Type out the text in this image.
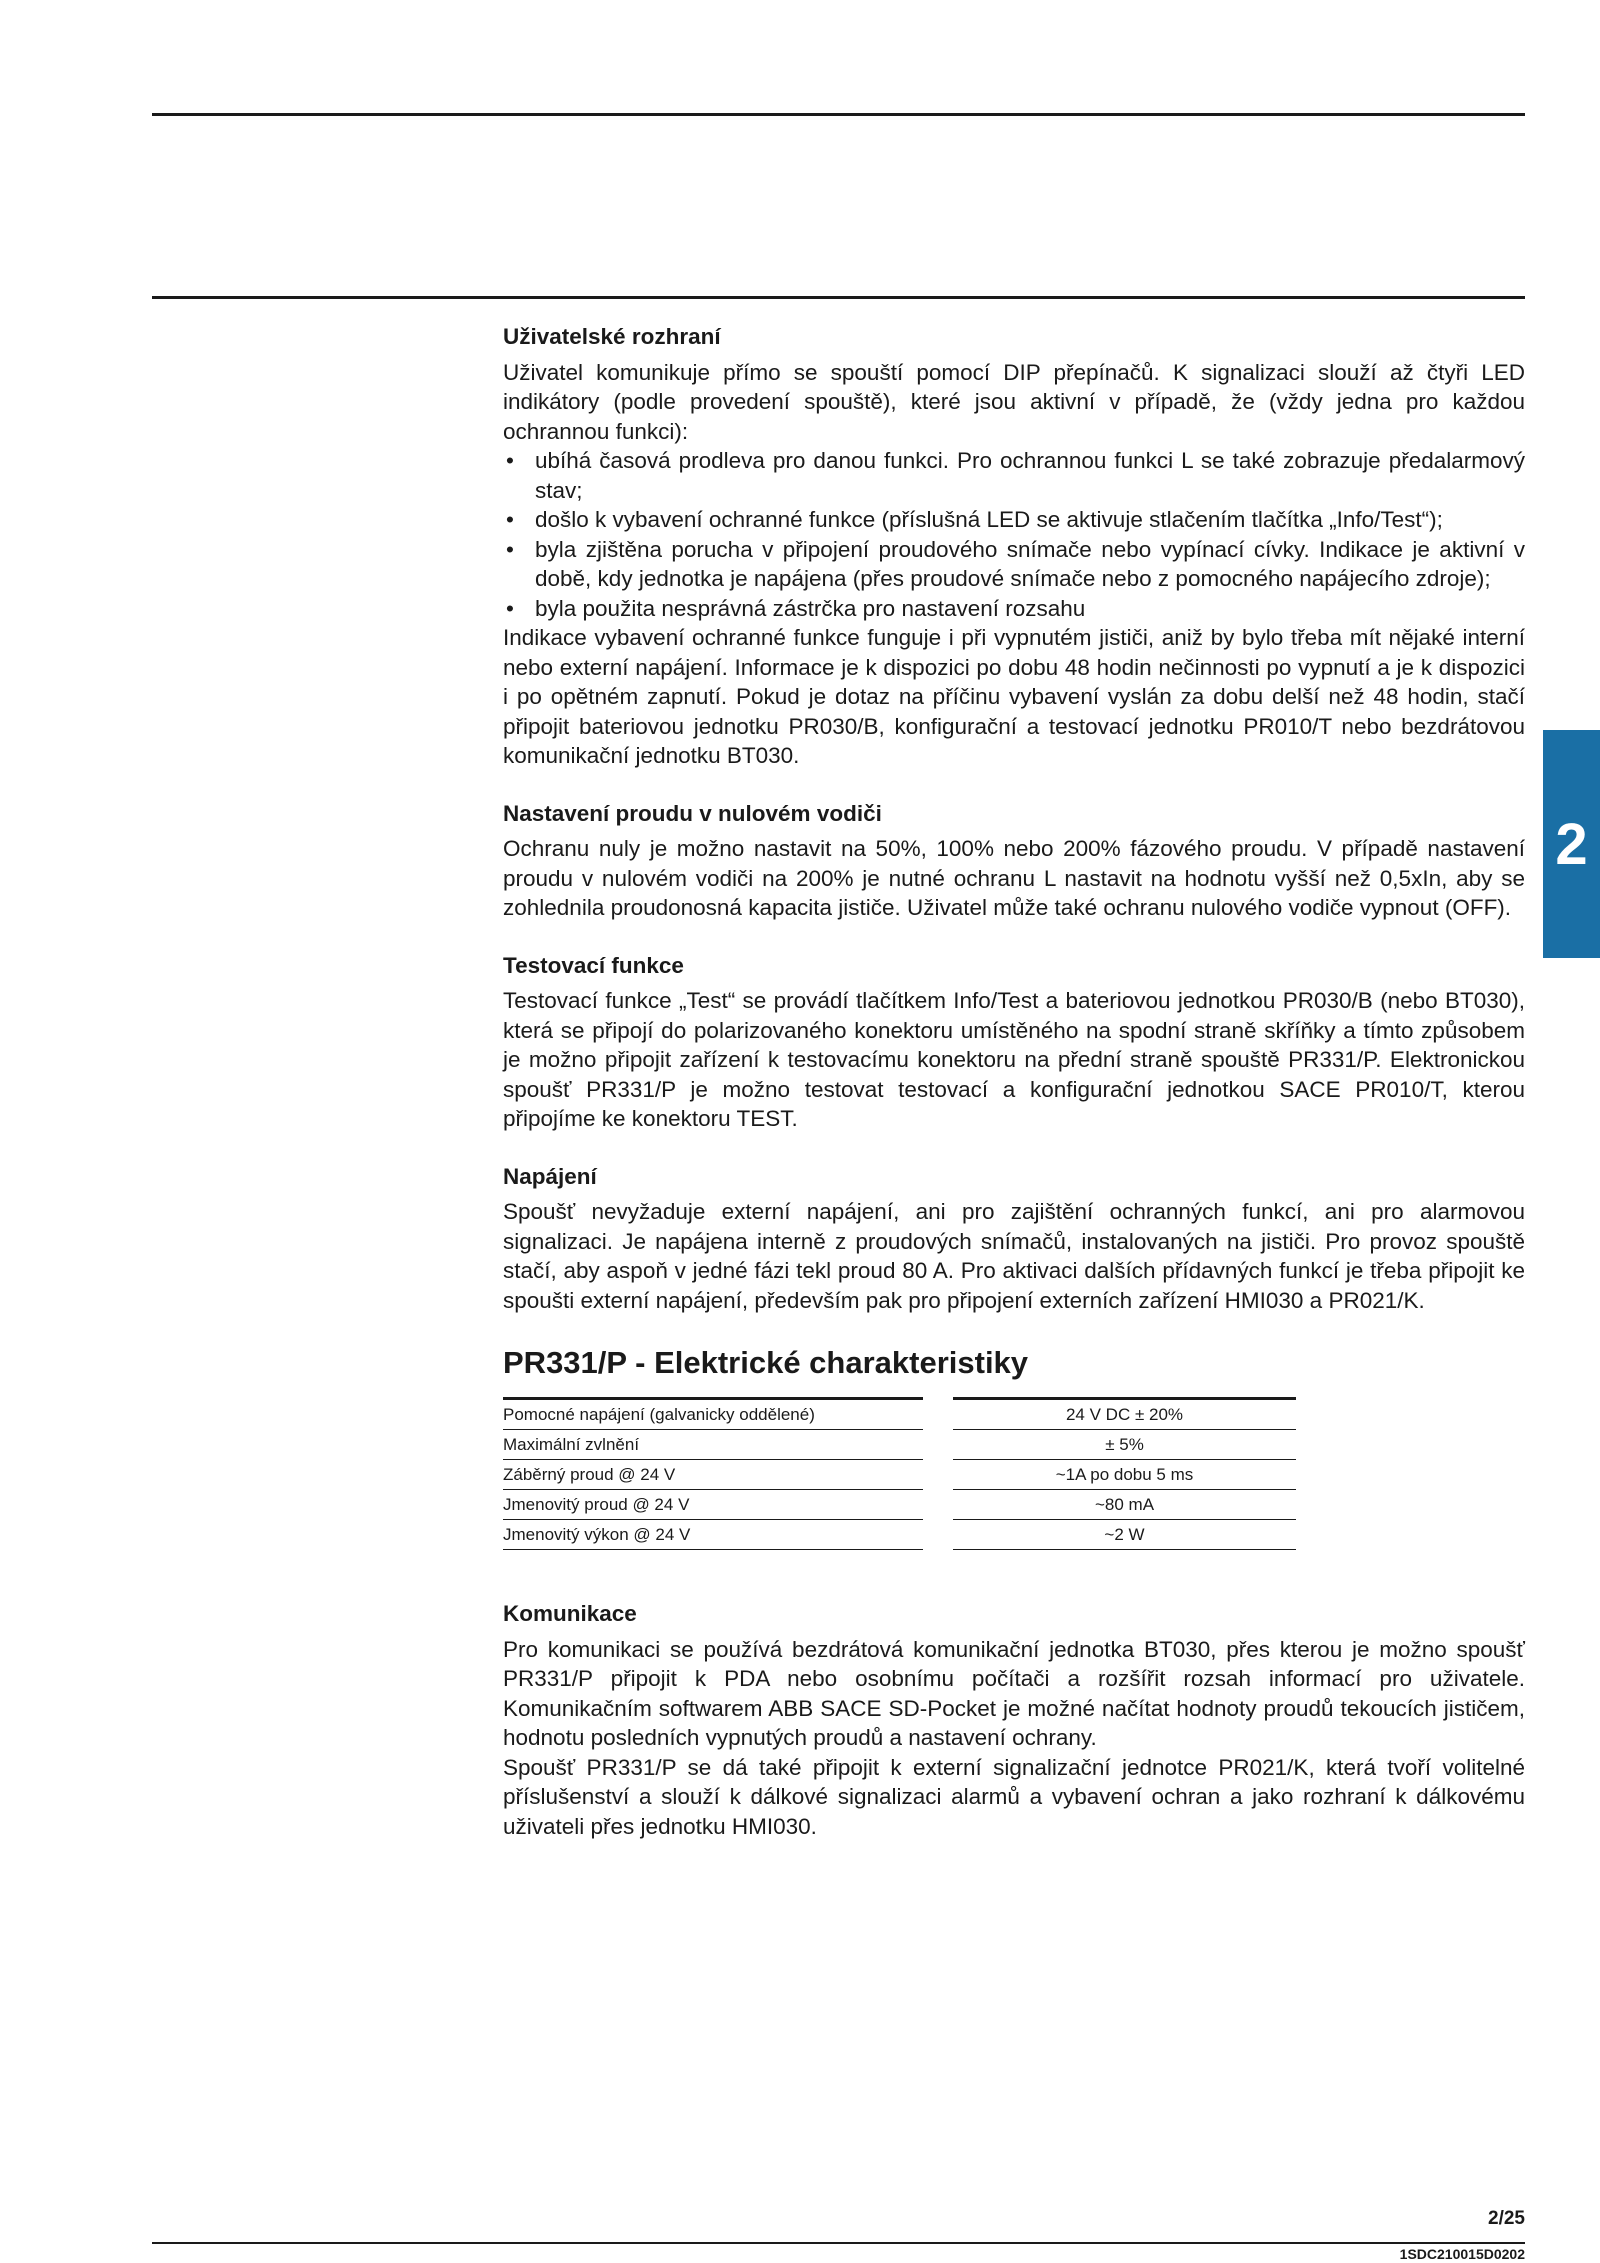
Uživatelské rozhraní

Uživatel komunikuje přímo se spouští pomocí DIP přepínačů. K signalizaci slouží až čtyři LED indikátory (podle provedení spouště), které jsou aktivní v případě, že (vždy jedna pro každou ochrannou funkci):

• ubíhá časová prodleva pro danou funkci. Pro ochrannou funkci L se také zobrazuje předalarmový stav;
• došlo k vybavení ochranné funkce (příslušná LED se aktivuje stlačením tlačítka „Info/Test“);
• byla zjištěna porucha v připojení proudového snímače nebo vypínací cívky. Indikace je aktivní v době, kdy jednotka je napájena (přes proudové snímače nebo z pomocného napájecího zdroje);
• byla použita nesprávná zástrčka pro nastavení rozsahu

Indikace vybavení ochranné funkce funguje i při vypnutém jističi, aniž by bylo třeba mít nějaké interní nebo externí napájení. Informace je k dispozici po dobu 48 hodin nečinnosti po vypnutí a je k dispozici i po opětném zapnutí. Pokud je dotaz na příčinu vybavení vyslán za dobu delší než 48 hodin, stačí připojit bateriovou jednotku PR030/B, konfigurační a testovací jednotku PR010/T nebo bezdrátovou komunikační jednotku BT030.

Nastavení proudu v nulovém vodiči

Ochranu nuly je možno nastavit na 50%, 100% nebo 200% fázového proudu. V případě nastavení proudu v nulovém vodiči na 200% je nutné ochranu L nastavit na hodnotu vyšší než 0,5xIn, aby se zohlednila proudonosná kapacita jističe. Uživatel může také ochranu nulového vodiče vypnout (OFF).

Testovací funkce

Testovací funkce „Test“ se provádí tlačítkem Info/Test a bateriovou jednotkou PR030/B (nebo BT030), která se připojí do polarizovaného konektoru umístěného na spodní straně skříňky a tímto způsobem je možno připojit zařízení k testovacímu konektoru na přední straně spouště PR331/P. Elektronickou spoušť PR331/P je možno testovat testovací a konfigurační jednotkou SACE PR010/T, kterou připojíme ke konektoru TEST.

Napájení

Spoušť nevyžaduje externí napájení, ani pro zajištění ochranných funkcí, ani pro alarmovou signalizaci. Je napájena interně z proudových snímačů, instalovaných na jističi. Pro provoz spouště stačí, aby aspoň v jedné fázi tekl proud 80 A. Pro aktivaci dalších přídavných funkcí je třeba připojit ke spoušti externí napájení, především pak pro připojení externích zařízení HMI030 a PR021/K.

PR331/P - Elektrické charakteristiky
Pomocné napájení (galvanicky oddělené)
Maximální zvlnění
Záběrný proud @ 24 V
Jmenovitý proud @ 24 V
Jmenovitý výkon @ 24 V
24 V DC ± 20%
± 5%
~1A po dobu 5 ms
~80 mA
~2 W

Komunikace

Pro komunikaci se používá bezdrátová komunikační jednotka BT030, přes kterou je možno spoušť PR331/P připojit k PDA nebo osobnímu počítači a rozšířit rozsah informací pro uživatele. Komunikačním softwarem ABB SACE SD-Pocket je možné načítat hodnoty proudů tekoucích jističem, hodnotu posledních vypnutých proudů a nastavení ochrany.

Spoušť PR331/P se dá také připojit k externí signalizační jednotce PR021/K, která tvoří volitelné příslušenství a slouží k dálkové signalizaci alarmů a vybavení ochran a jako rozhraní k dálkovému uživateli přes jednotku HMI030.

2
2/25
1SDC210015D0202
